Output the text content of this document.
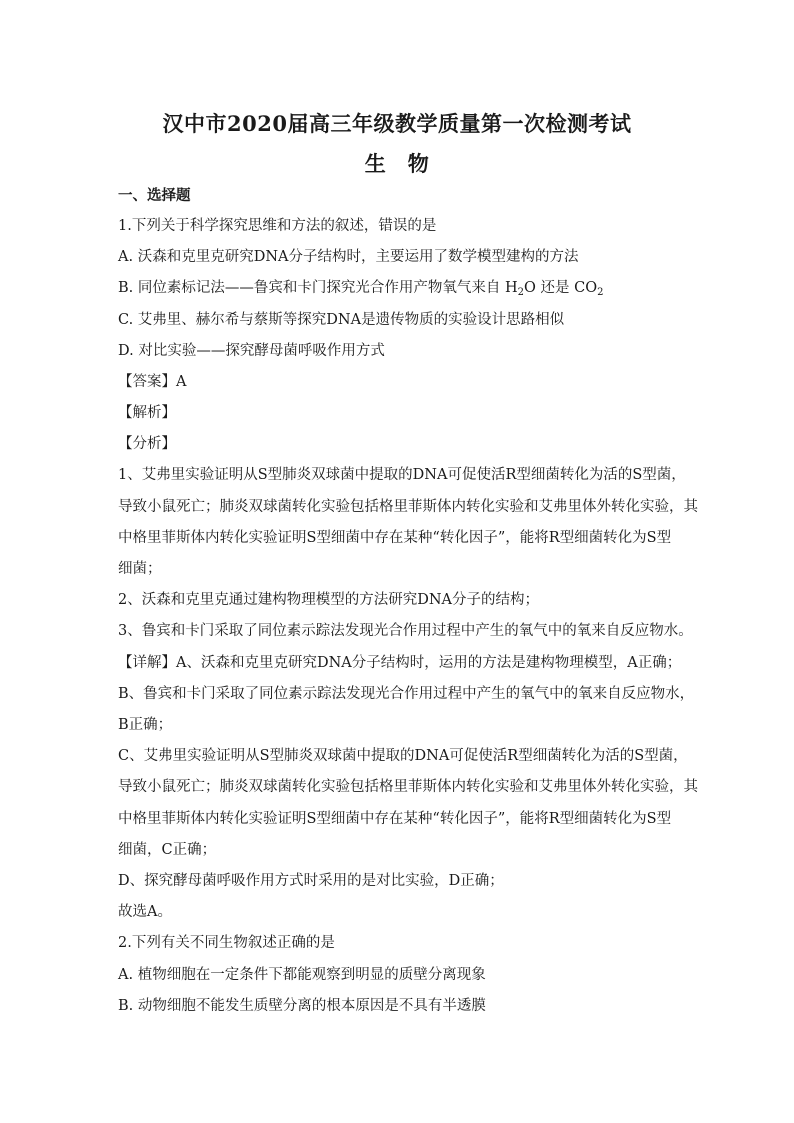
汉中市2020届高三年级教学质量第一次检测考试
生　物
一、选择题
1.下列关于科学探究思维和方法的叙述，错误的是
A. 沃森和克里克研究DNA分子结构时，主要运用了数学模型建构的方法
B. 同位素标记法——鲁宾和卡门探究光合作用产物氧气来自 $H_2O$ 还是 $CO_2$
C. 艾弗里、赫尔希与蔡斯等探究DNA是遗传物质的实验设计思路相似
D. 对比实验——探究酵母菌呼吸作用方式
【答案】A
【解析】
【分析】
1、艾弗里实验证明从S型肺炎双球菌中提取的DNA可促使活R型细菌转化为活的S型菌，
导致小鼠死亡；肺炎双球菌转化实验包括格里菲斯体内转化实验和艾弗里体外转化实验，其
中格里菲斯体内转化实验证明S型细菌中存在某种“转化因子”，能将R型细菌转化为S型
细菌；
2、沃森和克里克通过建构物理模型的方法研究DNA分子的结构；
3、鲁宾和卡门采取了同位素示踪法发现光合作用过程中产生的氧气中的氧来自反应物水。
【详解】A、沃森和克里克研究DNA分子结构时，运用的方法是建构物理模型，A正确；
B、鲁宾和卡门采取了同位素示踪法发现光合作用过程中产生的氧气中的氧来自反应物水，
B正确；
C、艾弗里实验证明从S型肺炎双球菌中提取的DNA可促使活R型细菌转化为活的S型菌，
导致小鼠死亡；肺炎双球菌转化实验包括格里菲斯体内转化实验和艾弗里体外转化实验，其
中格里菲斯体内转化实验证明S型细菌中存在某种“转化因子”，能将R型细菌转化为S型
细菌，C正确；
D、探究酵母菌呼吸作用方式时采用的是对比实验，D正确；
故选A。
2.下列有关不同生物叙述正确的是
A. 植物细胞在一定条件下都能观察到明显的质壁分离现象
B. 动物细胞不能发生质壁分离的根本原因是不具有半透膜
